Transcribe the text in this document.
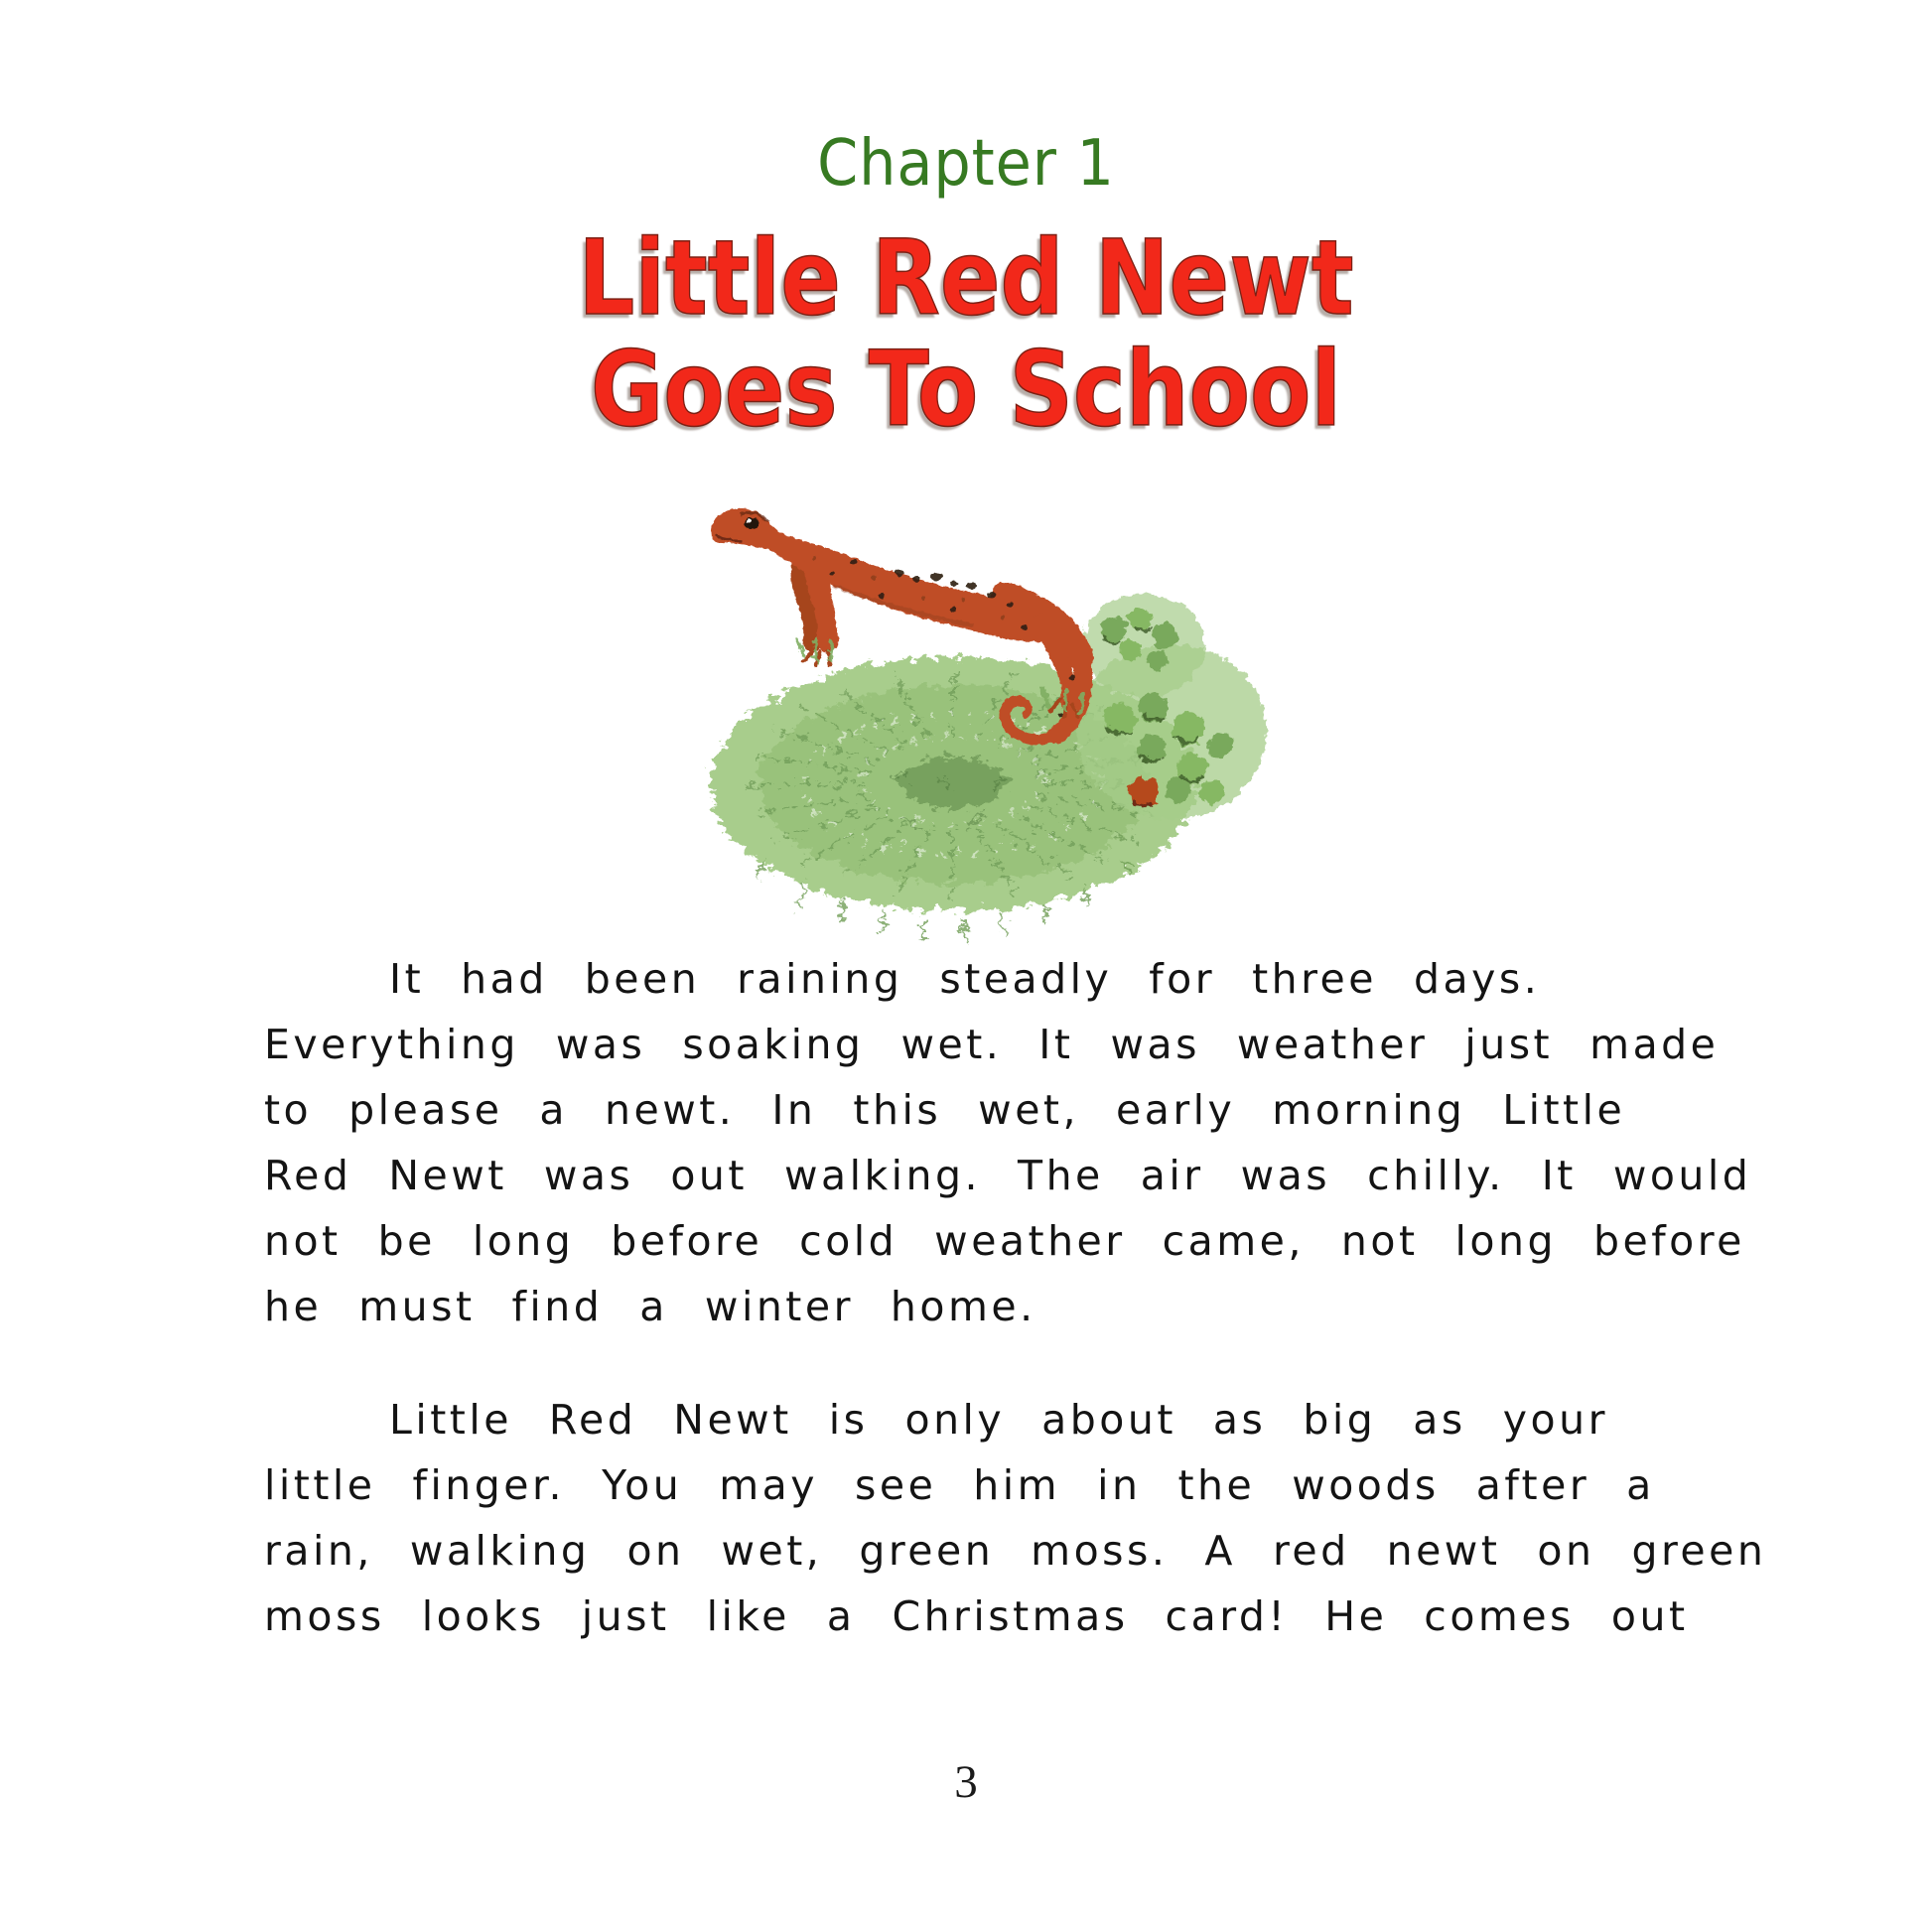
Chapter 1
Little Red Newt
Goes To School
It had been raining steadly for three days.
Everything was soaking wet. It was weather just made
to please a newt. In this wet, early morning Little
Red Newt was out walking. The air was chilly. It would
not be long before cold weather came, not long before
he must find a winter home.
Little Red Newt is only about as big as your
little finger. You may see him in the woods after a
rain, walking on wet, green moss. A red newt on green
moss looks just like a Christmas card! He comes out
3
